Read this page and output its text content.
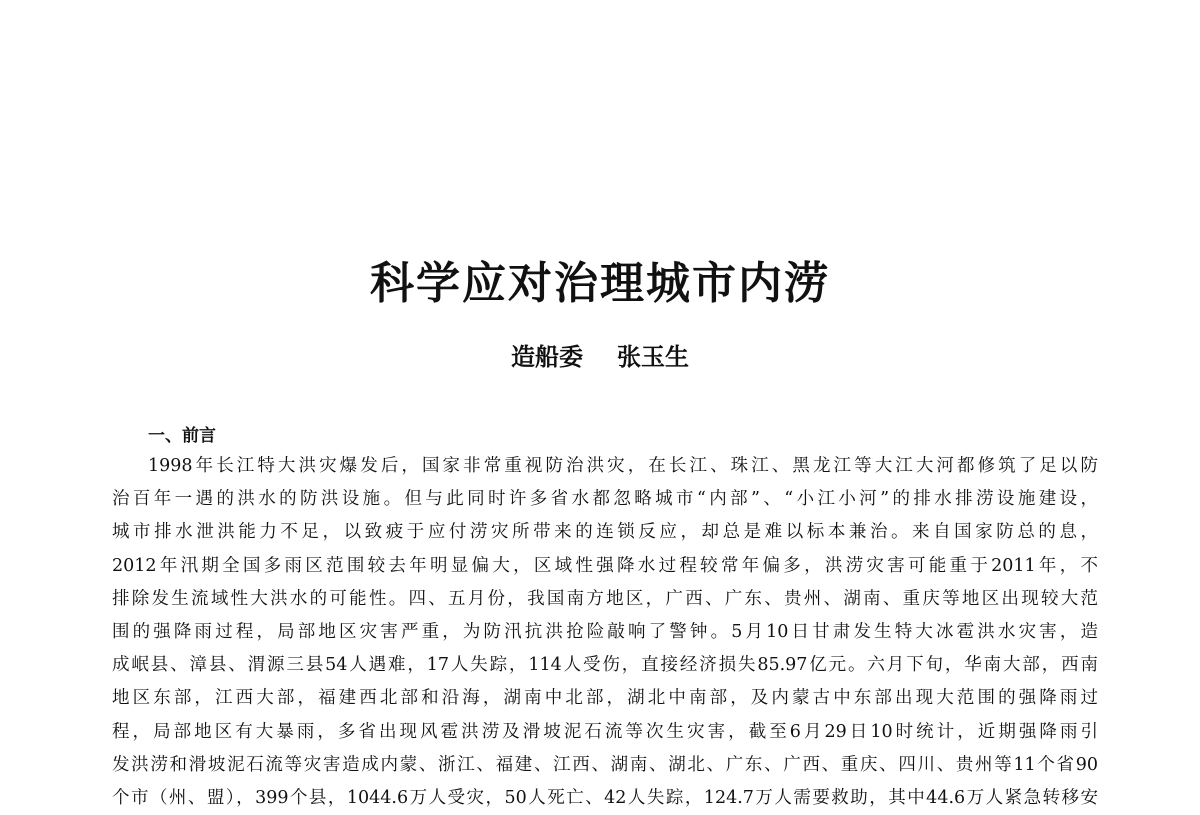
科学应对治理城市内涝
造船委 张玉生
一、前言
1998年长江特大洪灾爆发后，国家非常重视防治洪灾，在长江、珠江、黑龙江等大江大河都修筑了足以防
治百年一遇的洪水的防洪设施。但与此同时许多省水都忽略城市“内部”、“小江小河”的排水排涝设施建设，
城市排水泄洪能力不足，以致疲于应付涝灾所带来的连锁反应，却总是难以标本兼治。来自国家防总的息，
2012年汛期全国多雨区范围较去年明显偏大，区域性强降水过程较常年偏多，洪涝灾害可能重于2011年，不
排除发生流域性大洪水的可能性。四、五月份，我国南方地区，广西、广东、贵州、湖南、重庆等地区出现较大范
围的强降雨过程，局部地区灾害严重，为防汛抗洪抢险敲响了警钟。5月10日甘肃发生特大冰雹洪水灾害，造
成岷县、漳县、渭源三县54人遇难，17人失踪，114人受伤，直接经济损失85.97亿元。六月下旬，华南大部，西南
地区东部，江西大部，福建西北部和沿海，湖南中北部，湖北中南部，及内蒙古中东部出现大范围的强降雨过
程，局部地区有大暴雨，多省出现风雹洪涝及滑坡泥石流等次生灾害，截至6月29日10时统计，近期强降雨引
发洪涝和滑坡泥石流等灾害造成内蒙、浙江、福建、江西、湖南、湖北、广东、广西、重庆、四川、贵州等11个省90
个市（州、盟），399个县，1044.6万人受灾，50人死亡、42人失踪，124.7万人需要救助，其中44.6万人紧急转移安
